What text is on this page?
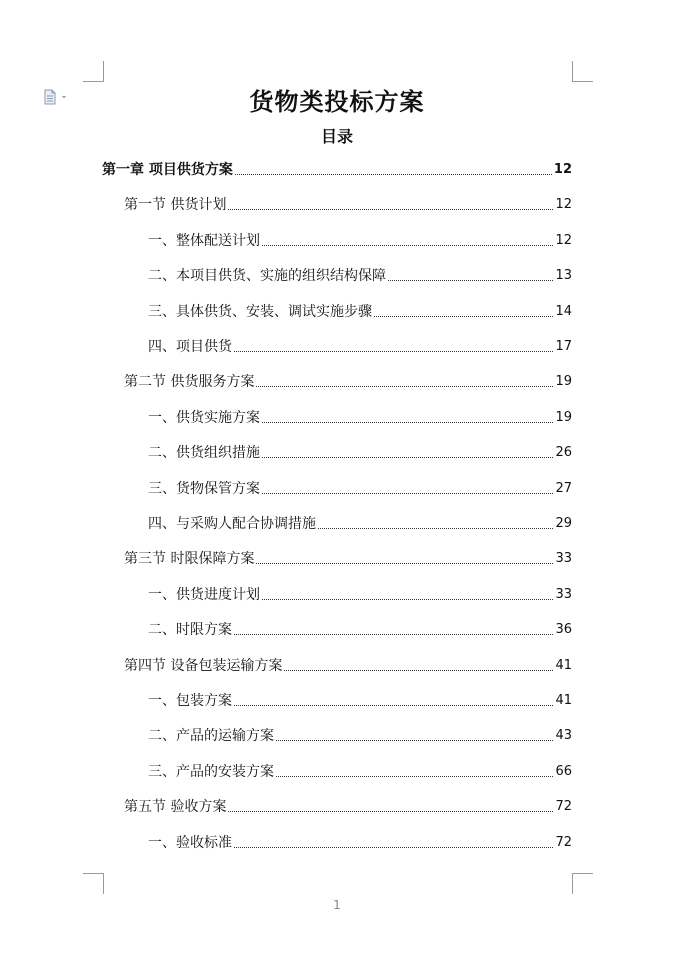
货物类投标方案
目录
第一章 项目供货方案	12
第一节 供货计划	12
一、整体配送计划	12
二、本项目供货、实施的组织结构保障	13
三、具体供货、安装、调试实施步骤	14
四、项目供货	17
第二节 供货服务方案	19
一、供货实施方案	19
二、供货组织措施	26
三、货物保管方案	27
四、与采购人配合协调措施	29
第三节 时限保障方案	33
一、供货进度计划	33
二、时限方案	36
第四节 设备包装运输方案	41
一、包装方案	41
二、产品的运输方案	43
三、产品的安装方案	66
第五节 验收方案	72
一、验收标准	72
1
